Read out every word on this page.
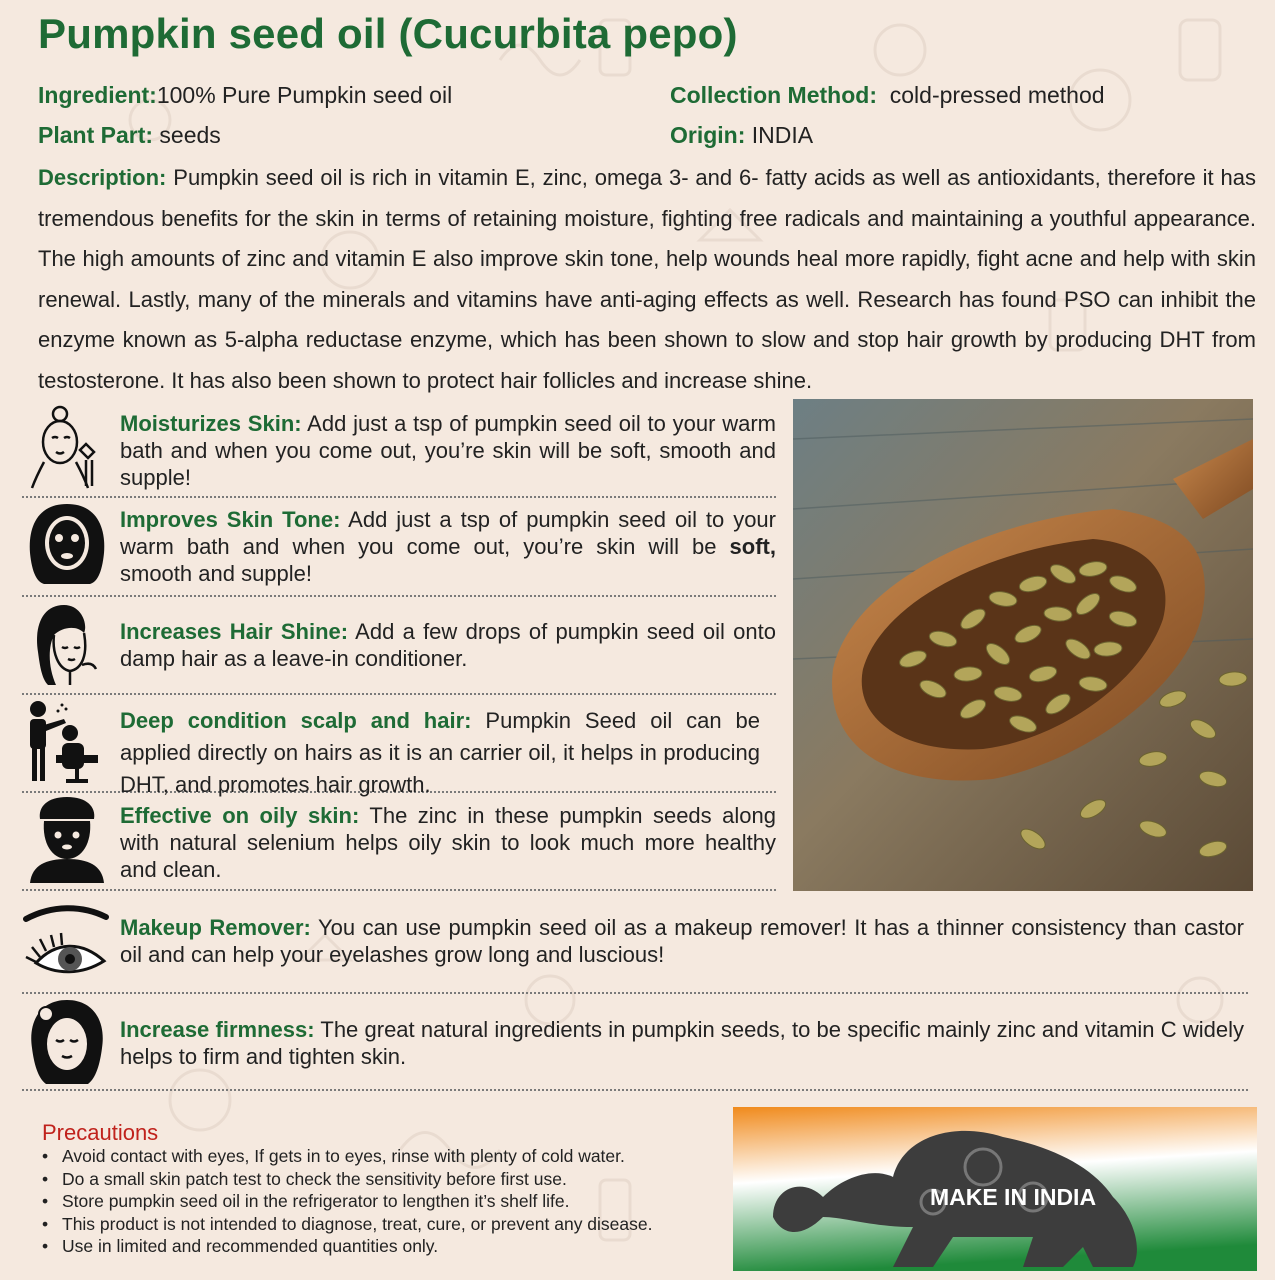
Pumpkin seed oil (Cucurbita pepo)
Ingredient:100% Pure Pumpkin seed oil	Collection Method: cold-pressed method
Plant Part: seeds	Origin: INDIA
Description: Pumpkin seed oil is rich in vitamin E, zinc, omega 3- and 6- fatty acids as well as antioxidants, therefore it has tremendous benefits for the skin in terms of retaining moisture, fighting free radicals and maintaining a youthful appearance. The high amounts of zinc and vitamin E also improve skin tone, help wounds heal more rapidly, fight acne and help with skin renewal. Lastly, many of the minerals and vitamins have anti-aging effects as well. Research has found PSO can inhibit the enzyme known as 5-alpha reductase enzyme, which has been shown to slow and stop hair growth by producing DHT from testosterone. It has also been shown to protect hair follicles and increase shine.
Moisturizes Skin: Add just a tsp of pumpkin seed oil to your warm bath and when you come out, you’re skin will be soft, smooth and supple!
Improves Skin Tone: Add just a tsp of pumpkin seed oil to your warm bath and when you come out, you’re skin will be soft, smooth and supple!
Increases Hair Shine: Add a few drops of pumpkin seed oil onto damp hair as a leave-in conditioner.
Deep condition scalp and hair: Pumpkin Seed oil can be applied directly on hairs as it is an carrier oil, it helps in producing DHT, and promotes hair growth.
Effective on oily skin: The zinc in these pumpkin seeds along with natural selenium helps oily skin to look much more healthy and clean.
Makeup Remover: You can use pumpkin seed oil as a makeup remover! It has a thinner consistency than castor oil and can help your eyelashes grow long and luscious!
Increase firmness: The great natural ingredients in pumpkin seeds, to be specific mainly zinc and vitamin C widely helps to firm and tighten skin.
Precautions
• Avoid contact with eyes, If gets in to eyes, rinse with plenty of cold water.
• Do a small skin patch test to check the sensitivity before first use.
• Store pumpkin seed oil in the refrigerator to lengthen it’s shelf life.
• This product is not intended to diagnose, treat, cure, or prevent any disease.
• Use in limited and recommended quantities only.
MAKE IN INDIA
